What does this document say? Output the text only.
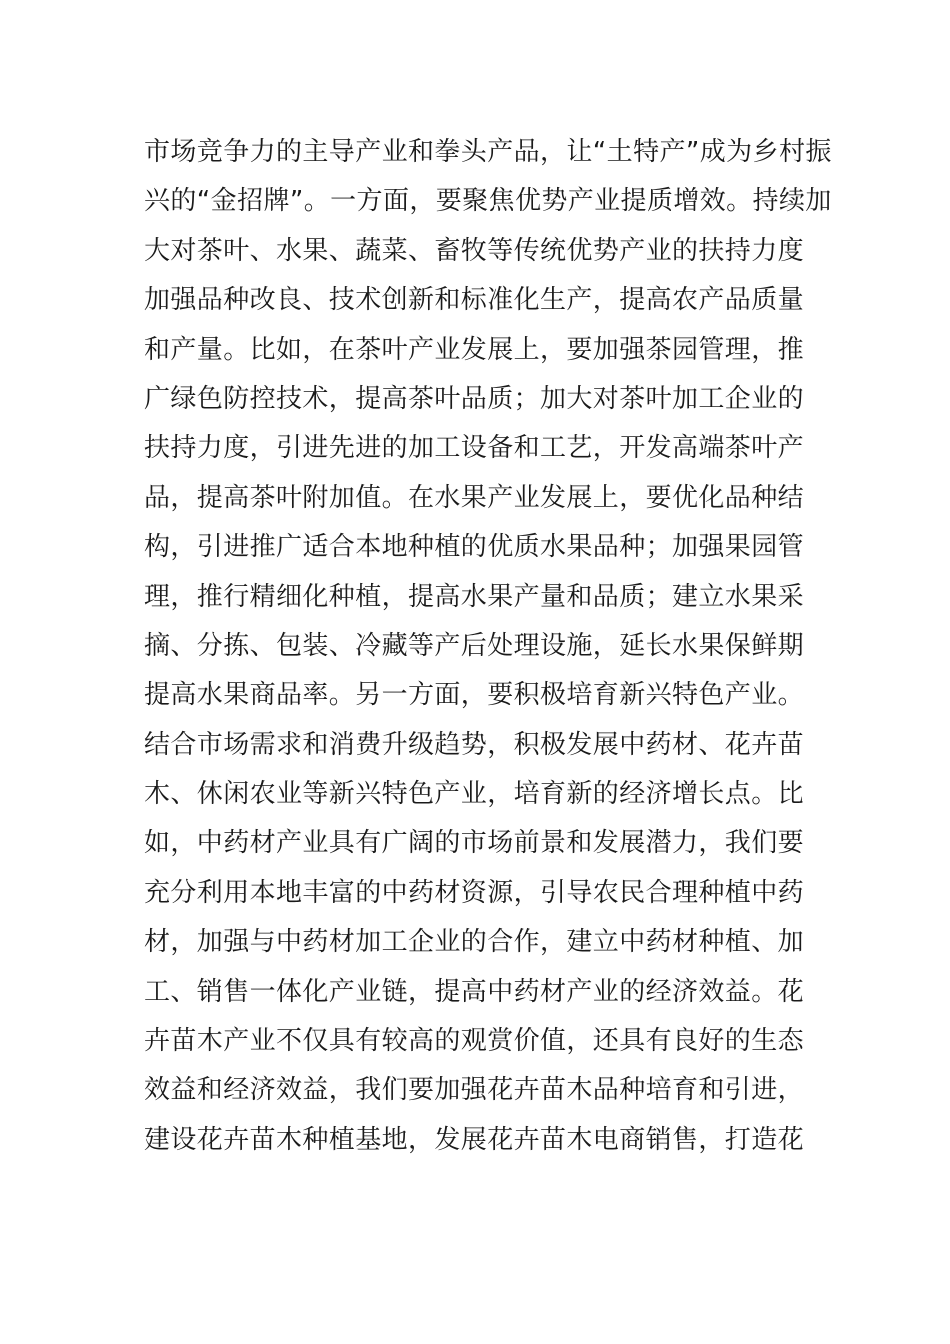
市场竞争力的主导产业和拳头产品，让“土特产”成为乡村振
兴的“金招牌”。一方面，要聚焦优势产业提质增效。持续加
大对茶叶、水果、蔬菜、畜牧等传统优势产业的扶持力度
加强品种改良、技术创新和标准化生产，提高农产品质量
和产量。比如，在茶叶产业发展上，要加强茶园管理，推
广绿色防控技术，提高茶叶品质；加大对茶叶加工企业的
扶持力度，引进先进的加工设备和工艺，开发高端茶叶产
品，提高茶叶附加值。在水果产业发展上，要优化品种结
构，引进推广适合本地种植的优质水果品种；加强果园管
理，推行精细化种植，提高水果产量和品质；建立水果采
摘、分拣、包装、冷藏等产后处理设施，延长水果保鲜期
提高水果商品率。另一方面，要积极培育新兴特色产业。
结合市场需求和消费升级趋势，积极发展中药材、花卉苗
木、休闲农业等新兴特色产业，培育新的经济增长点。比
如，中药材产业具有广阔的市场前景和发展潜力，我们要
充分利用本地丰富的中药材资源，引导农民合理种植中药
材，加强与中药材加工企业的合作，建立中药材种植、加
工、销售一体化产业链，提高中药材产业的经济效益。花
卉苗木产业不仅具有较高的观赏价值，还具有良好的生态
效益和经济效益，我们要加强花卉苗木品种培育和引进，
建设花卉苗木种植基地，发展花卉苗木电商销售，打造花
